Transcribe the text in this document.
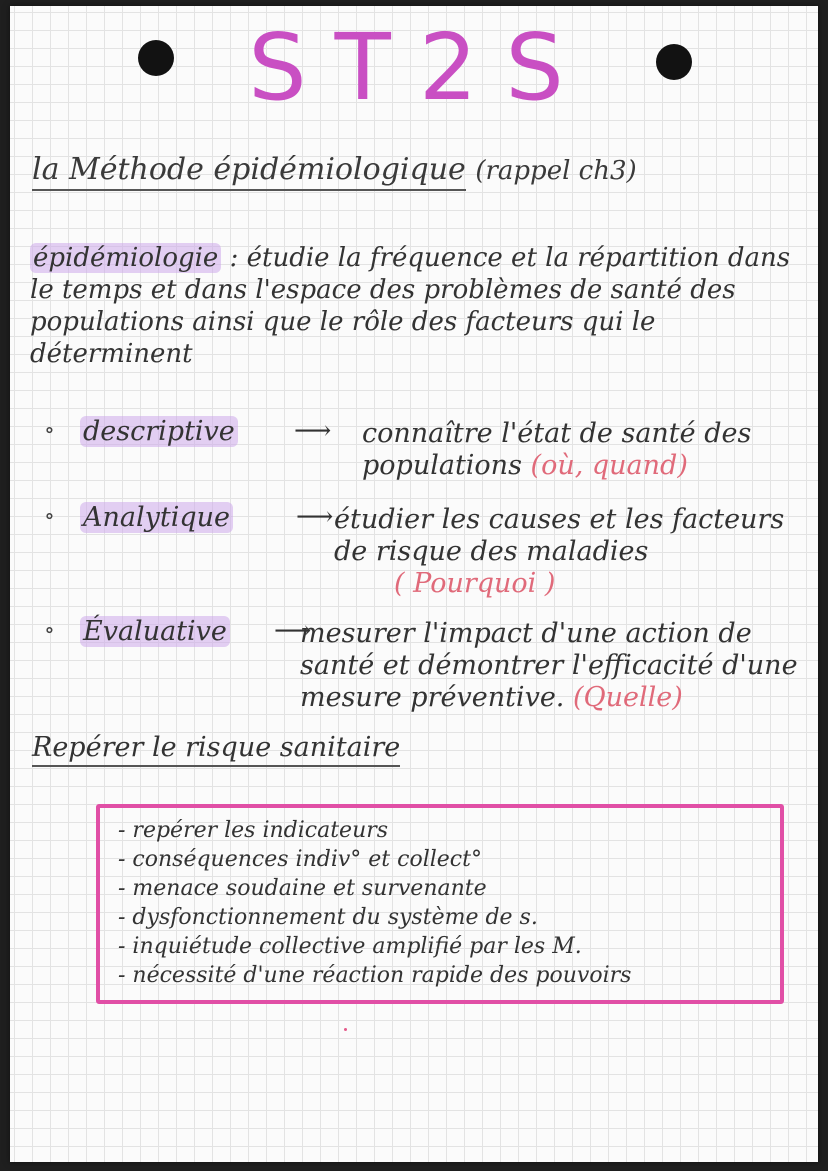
ST2S
la Méthode épidémiologique (rappel ch3)
épidémiologie : étudie la fréquence et la répartition dans le temps et dans l'espace des problèmes de santé des populations ainsi que le rôle des facteurs qui le déterminent
∘ descriptive ⟶ connaître l'état de santé des populations (où, quand)
∘ Analytique	⟶ étudier les causes et les facteurs de risque des maladies
( Pourquoi )
∘ Évaluative ⟶
mesurer l'impact d'une action de santé et démontrer l'efficacité d'une mesure préventive. (Quelle)
Repérer le risque sanitaire
- repérer les indicateurs
- conséquences indiv° et collect°
- menace soudaine et survenante
- dysfonctionnement du système de s.
- inquiétude collective amplifié par les M.
- nécessité d'une réaction rapide des pouvoirs
